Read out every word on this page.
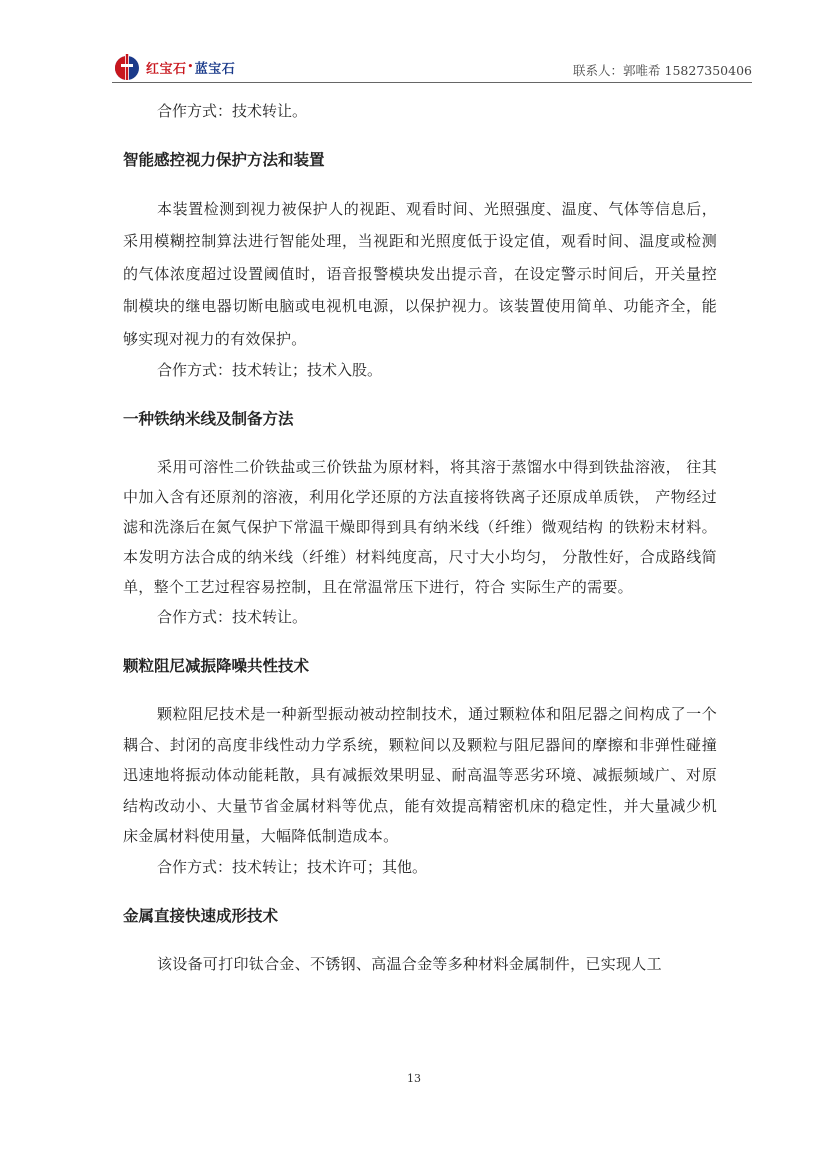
红宝石•蓝宝石	联系人：郭唯希 15827350406

合作方式：技术转让。

智能感控视力保护方法和装置

本装置检测到视力被保护人的视距、观看时间、光照强度、温度、气体等信息后，采用模糊控制算法进行智能处理，当视距和光照度低于设定值，观看时间、温度或检测的气体浓度超过设置阈值时，语音报警模块发出提示音，在设定警示时间后，开关量控制模块的继电器切断电脑或电视机电源，以保护视力。该装置使用简单、功能齐全，能够实现对视力的有效保护。

合作方式：技术转让；技术入股。

一种铁纳米线及制备方法

采用可溶性二价铁盐或三价铁盐为原材料，将其溶于蒸馏水中得到铁盐溶液， 往其中加入含有还原剂的溶液，利用化学还原的方法直接将铁离子还原成单质铁， 产物经过滤和洗涤后在氮气保护下常温干燥即得到具有纳米线（纤维）微观结构 的铁粉末材料。本发明方法合成的纳米线（纤维）材料纯度高，尺寸大小均匀， 分散性好，合成路线简单，整个工艺过程容易控制，且在常温常压下进行，符合 实际生产的需要。

合作方式：技术转让。

颗粒阻尼减振降噪共性技术

颗粒阻尼技术是一种新型振动被动控制技术，通过颗粒体和阻尼器之间构成了一个耦合、封闭的高度非线性动力学系统，颗粒间以及颗粒与阻尼器间的摩擦和非弹性碰撞迅速地将振动体动能耗散，具有减振效果明显、耐高温等恶劣环境、减振频域广、对原结构改动小、大量节省金属材料等优点，能有效提高精密机床的稳定性，并大量减少机床金属材料使用量，大幅降低制造成本。

合作方式：技术转让；技术许可；其他。

金属直接快速成形技术

该设备可打印钛合金、不锈钢、高温合金等多种材料金属制件，已实现人工

13
